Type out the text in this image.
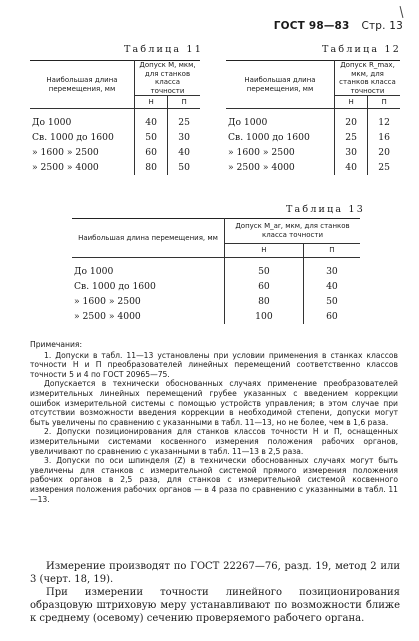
ГОСТ 98—83 Стр. 13
Таблица 11
Наибольшая длина перемещения, мм	Допуск M, мкм, для станков класса точности	
	Н	П
До 1000	40	25
Св. 1000 до 1600	50	30
» 1600 » 2500	60	40
» 2500 » 4000	80	50
Таблица 12
Наибольшая длина перемещения, мм	Допуск R_max, мкм, для станков класса точности	
	Н	П
До 1000	20	12
Св. 1000 до 1600	25	16
» 1600 » 2500	30	20
» 2500 » 4000	40	25
Таблица 13
Наибольшая длина перемещения, мм	Допуск M_ar, мкм, для станков класса точности	
	Н	П
До 1000	50	30
Св. 1000 до 1600	60	40
» 1600 » 2500	80	50
» 2500 » 4000	100	60

Примечания:

1. Допуски в табл. 11—13 установлены при условии применения в станках классов точности Н и П преобразователей линейных перемещений соответственно классов точности 5 и 4 по ГОСТ 20965—75.

Допускается в технически обоснованных случаях применение преобразователей измерительных линейных перемещений грубее указанных с введением коррекции ошибок измерительной системы с помощью устройств управления; в этом случае при отсутствии возможности введения коррекции в необходимой степени, допуски могут быть увеличены по сравнению с указанными в табл. 11—13, но не более, чем в 1,6 раза.

2. Допуски позиционирования для станков классов точности Н и П, оснащенных измерительными системами косвенного измерения положения рабочих органов, увеличивают по сравнению с указанными в табл. 11—13 в 2,5 раза.

3. Допуски по оси шпинделя (Z) в технически обоснованных случаях могут быть увеличены для станков с измерительной системой прямого измерения положения рабочих органов в 2,5 раза, для станков с измерительной системой косвенного измерения положения рабочих органов — в 4 раза по сравнению с указанными в табл. 11—13.

Измерение производят по ГОСТ 22267—76, разд. 19, метод 2 или 3 (черт. 18, 19).

При измерении точности линейного позиционирования образцовую штриховую меру устанавливают по возможности ближе к среднему (осевому) сечению проверяемого рабочего органа.
